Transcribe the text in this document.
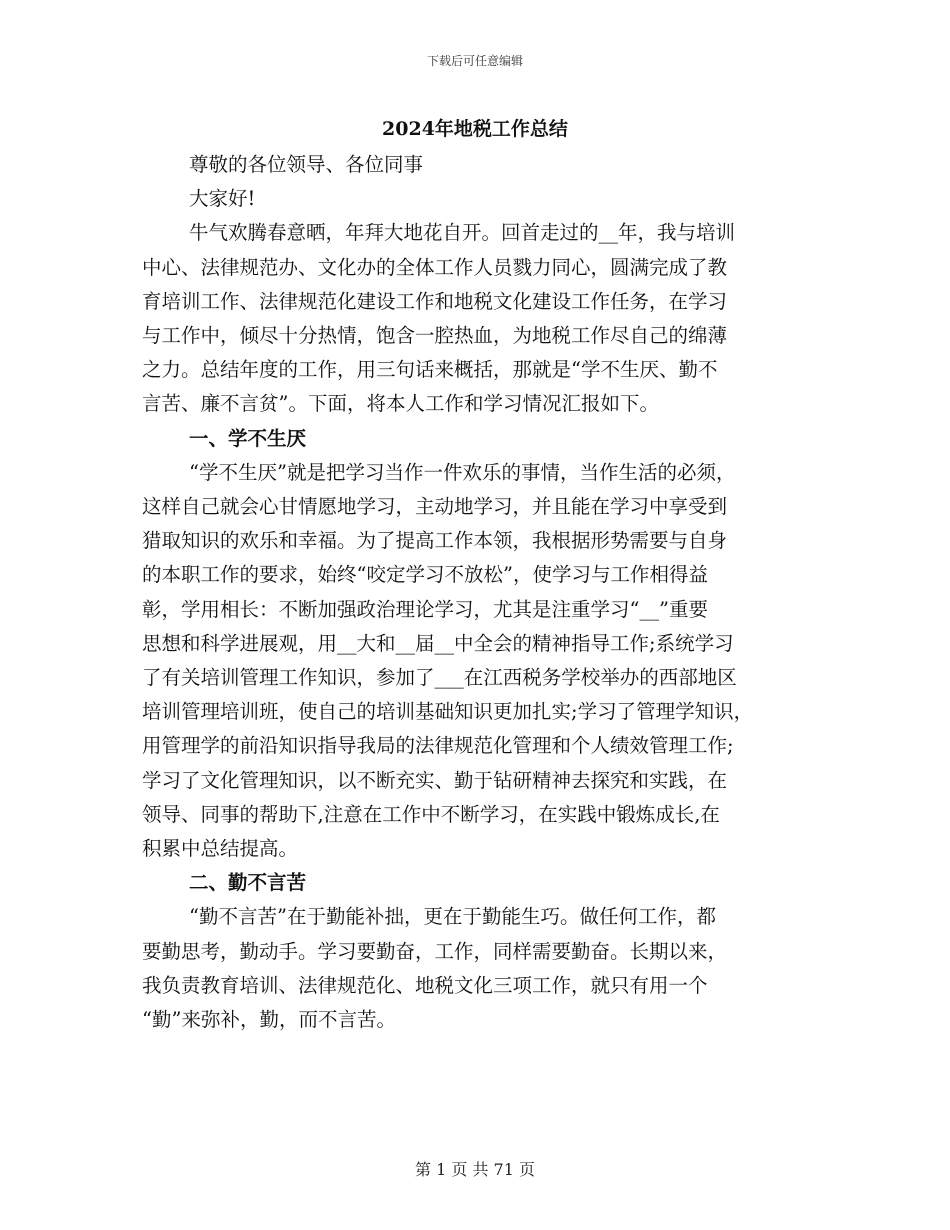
下载后可任意编辑
2024年地税工作总结

尊敬的各位领导、各位同事

大家好!

牛气欢腾春意晒，年拜大地花自开。回首走过的__年，我与培训

中心、法律规范办、文化办的全体工作人员戮力同心，圆满完成了教

育培训工作、法律规范化建设工作和地税文化建设工作任务，在学习

与工作中，倾尽十分热情，饱含一腔热血，为地税工作尽自己的绵薄

之力。总结年度的工作，用三句话来概括，那就是“学不生厌、勤不

言苦、廉不言贫”。下面，将本人工作和学习情况汇报如下。

一、学不生厌

“学不生厌”就是把学习当作一件欢乐的事情，当作生活的必须，

这样自己就会心甘情愿地学习，主动地学习，并且能在学习中享受到

猎取知识的欢乐和幸福。为了提高工作本领，我根据形势需要与自身

的本职工作的要求，始终“咬定学习不放松”，使学习与工作相得益

彰，学用相长：不断加强政治理论学习，尤其是注重学习“__”重要

思想和科学进展观，用__大和__届__中全会的精神指导工作;系统学习

了有关培训管理工作知识，参加了___在江西税务学校举办的西部地区

培训管理培训班，使自己的培训基础知识更加扎实;学习了管理学知识，

用管理学的前沿知识指导我局的法律规范化管理和个人绩效管理工作;

学习了文化管理知识，以不断充实、勤于钻研精神去探究和实践，在

领导、同事的帮助下,注意在工作中不断学习，在实践中锻炼成长,在

积累中总结提高。

二、勤不言苦

“勤不言苦”在于勤能补拙，更在于勤能生巧。做任何工作，都

要勤思考，勤动手。学习要勤奋，工作，同样需要勤奋。长期以来，

我负责教育培训、法律规范化、地税文化三项工作，就只有用一个

“勤”来弥补，勤，而不言苦。

第 1 页 共 71 页
